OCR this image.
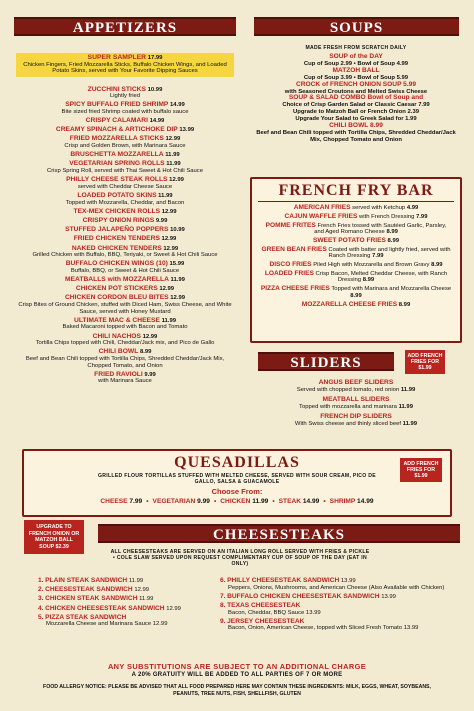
APPETIZERS
SUPER SAMPLER 17.99
Chicken Fingers, Fried Mozzarella Sticks, Buffalo Chicken Wings, and Loaded Potato Skins, served with Your Favorite Dipping Sauces
ZUCCHINI STICKS 10.99
Lightly fried
SPICY BUFFALO FRIED SHRIMP 14.99
Bite sized fried Shrimp coated with buffalo sauce
CRISPY CALAMARI 14.99
CREAMY SPINACH & ARTICHOKE DIP 13.99
FRIED MOZZARELLA STICKS 12.99
Crisp and Golden Brown, with Marinara Sauce
BRUSCHETTA MOZZARELLA 11.99
VEGETARIAN SPRING ROLLS 11.99
Crisp Spring Roll, served with Thai Sweet & Hot Chili Sauce
PHILLY CHEESE STEAK ROLLS 12.99
served with Cheddar Cheese Sauce
LOADED POTATO SKINS 11.99
Topped with Mozzarella, Cheddar, and Bacon
TEX-MEX CHICKEN ROLLS 12.99
CRISPY ONION RINGS 9.99
STUFFED JALAPEÑO POPPERS 10.99
FRIED CHICKEN TENDERS 12.99
NAKED CHICKEN TENDERS 12.99
Grilled Chicken with Buffalo, BBQ, Teriyaki, or Sweet & Hot Chili Sauce
BUFFALO CHICKEN WINGS (10) 15.99
Buffalo, BBQ, or Sweet & Hot Chili Sauce
MEATBALLS with MOZZARELLA 11.99
CHICKEN POT STICKERS 12.99
CHICKEN CORDON BLEU BITES 12.99
Crisp Bites of Ground Chicken, stuffed with Diced Ham, Swiss Cheese, and White Sauce, served with Honey Mustard
ULTIMATE MAC & CHEESE 11.99
Baked Macaroni topped with Bacon and Tomato
CHILI NACHOS 12.99
Tortilla Chips topped with Chili, Cheddar/Jack mix, and Pico de Gallo
CHILI BOWL 8.99
Beef and Bean Chili topped with Tortilla Chips, Shredded Cheddar/Jack Mix, Chopped Tomato, and Onion
FRIED RAVIOLI 9.99
with Marinara Sauce
SOUPS
MADE FRESH FROM SCRATCH DAILY
SOUP of the DAY
Cup of Soup 2.99 • Bowl of Soup 4.99
MATZOH BALL
Cup of Soup 3.99 • Bowl of Soup 5.99
CROCK of FRENCH ONION SOUP 5.99
with Seasoned Croutons and Melted Swiss Cheese
SOUP & SALAD COMBO Bowl of Soup and
Choice of Crisp Garden Salad or Classic Caesar 7.99
Upgrade to Matzoh Ball or French Onion 2.39
Upgrade Your Salad to Greek Salad for 1.99
CHILI BOWL 8.99
Beef and Bean Chili topped with Tortilla Chips, Shredded Cheddar/Jack Mix, Chopped Tomato and Onion
FRENCH FRY BAR
AMERICAN FRIES served with Ketchup 4.99
CAJUN WAFFLE FRIES with French Dressing 7.99
POMME FRITES French Fries tossed with Sautéed Garlic, Parsley, and Aged Romano Cheese 8.99
SWEET POTATO FRIES 8.99
GREEN BEAN FRIES Coated with batter and lightly fried, served with Ranch Dressing 7.99
DISCO FRIES Piled High with Mozzarella and Brown Gravy 8.99
LOADED FRIES Crisp Bacon, Melted Cheddar Cheese, with Ranch Dressing 8.99
PIZZA CHEESE FRIES Topped with Marinara and Mozzarella Cheese 8.99
MOZZARELLA CHEESE FRIES 8.99
SLIDERS	ADD FRENCH FRIES FOR $1.99
ANGUS BEEF SLIDERS
Served with chopped tomato, red onion 11.99
MEATBALL SLIDERS
Topped with mozzarella and marinara 11.99
FRENCH DIP SLIDERS
With Swiss cheese and thinly sliced beef 11.99
QUESADILLAS
GRILLED FLOUR TORTILLAS STUFFED WITH MELTED CHEESE, SERVED WITH SOUR CREAM, PICO DE GALLO, SALSA & GUACAMOLE
Choose From:
CHEESE 7.99 • VEGETARIAN 9.99 • CHICKEN 11.99 • STEAK 14.99 • SHRIMP 14.99
ADD FRENCH FRIES FOR $1.99
CHEESESTEAKS
UPGRADE TO FRENCH ONION OR MATZOH BALL SOUP $2.39
ALL CHEESESTEAKS ARE SERVED ON AN ITALIAN LONG ROLL SERVED WITH FRIES & PICKLE • COLE SLAW SERVED UPON REQUEST COMPLIMENTARY CUP OF SOUP OF THE DAY (EAT IN ONLY)
1. PLAIN STEAK SANDWICH 11.99
2. CHEESESTEAK SANDWICH 12.99
3. CHICKEN STEAK SANDWICH 11.99
4. CHICKEN CHEESESTEAK SANDWICH 12.99
5. PIZZA STEAK SANDWICH
Mozzarella Cheese and Marinara Sauce 12.99
6. PHILLY CHEESESTEAK SANDWICH 13.99
Peppers, Onions, Mushrooms, and American Cheese (Also Available with Chicken)
7. BUFFALO CHICKEN CHEESESTEAK SANDWICH 13.99
8. TEXAS CHEESESTEAK
Bacon, Cheddar, BBQ Sauce 13.99
9. JERSEY CHEESESTEAK
Bacon, Onion, American Cheese, topped with Sliced Fresh Tomato 13.99
ANY SUBSTITUTIONS ARE SUBJECT TO AN ADDITIONAL CHARGE
A 20% GRATUITY WILL BE ADDED TO ALL PARTIES OF 7 OR MORE
FOOD ALLERGY NOTICE: PLEASE BE ADVISED THAT ALL FOOD PREPARED HERE MAY CONTAIN THESE INGREDIENTS: MILK, EGGS, WHEAT, SOYBEANS, PEANUTS, TREE NUTS, FISH, SHELLFISH, GLUTEN
